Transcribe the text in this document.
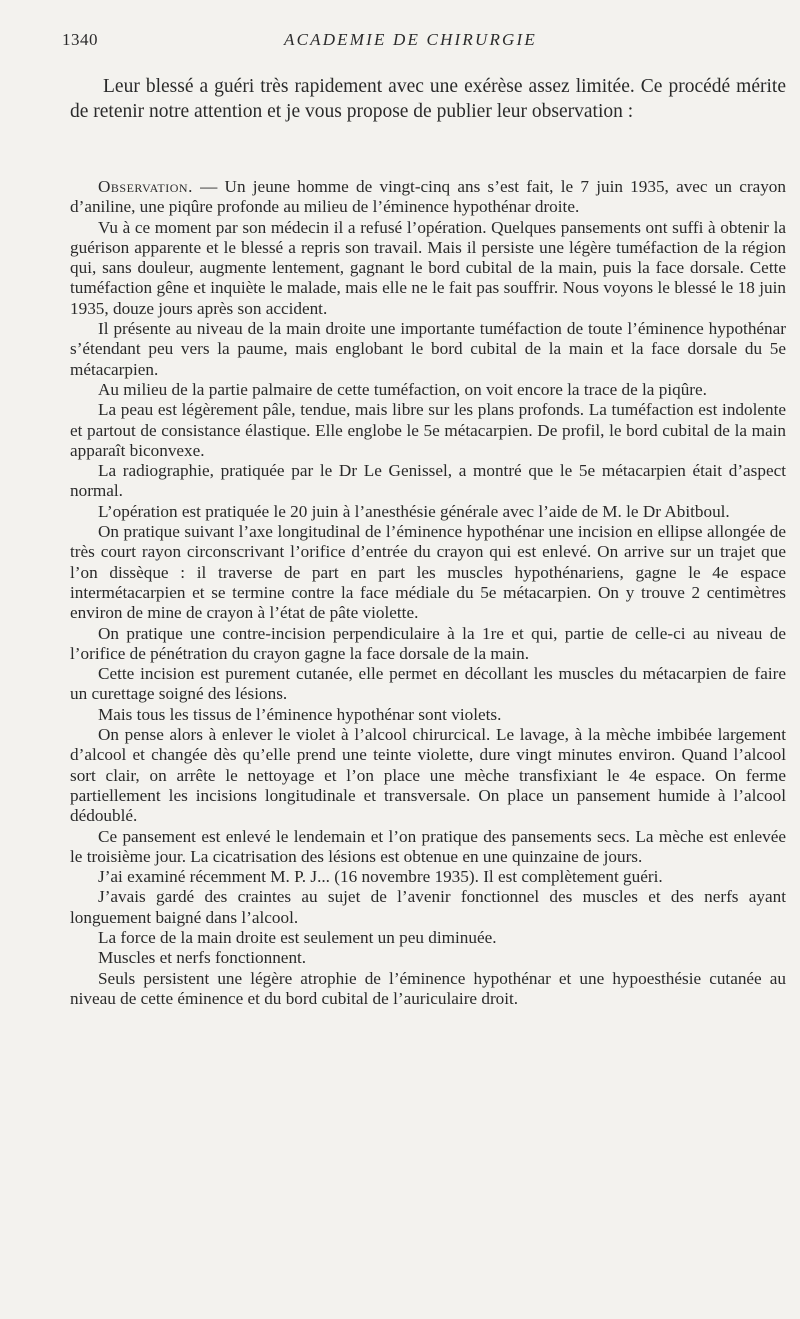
1340	ACADEMIE DE CHIRURGIE

Leur blessé a guéri très rapidement avec une exérèse assez limitée. Ce procédé mérite de retenir notre attention et je vous propose de publier leur observation :

Observation. — Un jeune homme de vingt-cinq ans s’est fait, le 7 juin 1935, avec un crayon d’aniline, une piqûre profonde au milieu de l’éminence hypothénar droite.

Vu à ce moment par son médecin il a refusé l’opération. Quelques pansements ont suffi à obtenir la guérison apparente et le blessé a repris son travail. Mais il persiste une légère tuméfaction de la région qui, sans douleur, augmente lentement, gagnant le bord cubital de la main, puis la face dorsale. Cette tuméfaction gêne et inquiète le malade, mais elle ne le fait pas souffrir. Nous voyons le blessé le 18 juin 1935, douze jours après son accident.

Il présente au niveau de la main droite une importante tuméfaction de toute l’éminence hypothénar s’étendant peu vers la paume, mais englobant le bord cubital de la main et la face dorsale du 5e métacarpien.

Au milieu de la partie palmaire de cette tuméfaction, on voit encore la trace de la piqûre.

La peau est légèrement pâle, tendue, mais libre sur les plans profonds. La tuméfaction est indolente et partout de consistance élastique. Elle englobe le 5e métacarpien. De profil, le bord cubital de la main apparaît biconvexe.

La radiographie, pratiquée par le Dr Le Genissel, a montré que le 5e métacarpien était d’aspect normal.

L’opération est pratiquée le 20 juin à l’anesthésie générale avec l’aide de M. le Dr Abitboul.

On pratique suivant l’axe longitudinal de l’éminence hypothénar une incision en ellipse allongée de très court rayon circonscrivant l’orifice d’entrée du crayon qui est enlevé. On arrive sur un trajet que l’on dissèque : il traverse de part en part les muscles hypothénariens, gagne le 4e espace intermétacarpien et se termine contre la face médiale du 5e métacarpien. On y trouve 2 centimètres environ de mine de crayon à l’état de pâte violette.

On pratique une contre-incision perpendiculaire à la 1re et qui, partie de celle-ci au niveau de l’orifice de pénétration du crayon gagne la face dorsale de la main.

Cette incision est purement cutanée, elle permet en décollant les muscles du métacarpien de faire un curettage soigné des lésions.

Mais tous les tissus de l’éminence hypothénar sont violets.

On pense alors à enlever le violet à l’alcool chirurcical. Le lavage, à la mèche imbibée largement d’alcool et changée dès qu’elle prend une teinte violette, dure vingt minutes environ. Quand l’alcool sort clair, on arrête le nettoyage et l’on place une mèche transfixiant le 4e espace. On ferme partiellement les incisions longitudinale et transversale. On place un pansement humide à l’alcool dédoublé.

Ce pansement est enlevé le lendemain et l’on pratique des pansements secs. La mèche est enlevée le troisième jour. La cicatrisation des lésions est obtenue en une quinzaine de jours.

J’ai examiné récemment M. P. J... (16 novembre 1935). Il est complètement guéri.

J’avais gardé des craintes au sujet de l’avenir fonctionnel des muscles et des nerfs ayant longuement baigné dans l’alcool.

La force de la main droite est seulement un peu diminuée.

Muscles et nerfs fonctionnent.

Seuls persistent une légère atrophie de l’éminence hypothénar et une hypoesthésie cutanée au niveau de cette éminence et du bord cubital de l’auriculaire droit.
